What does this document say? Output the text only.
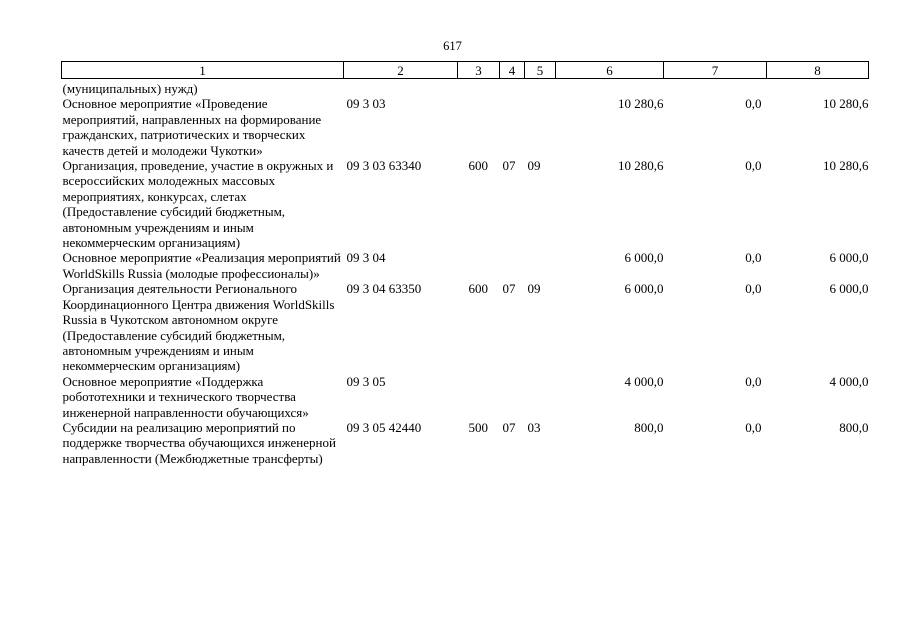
617
1	2	3	4	5	6	7	8
(муниципальных) нужд)							
Основное мероприятие «Проведение мероприятий, направленных на формирование гражданских, патриотических и творческих качеств детей и молодежи Чукотки»	09 3 03				10 280,6	0,0	10 280,6
Организация, проведение, участие в окружных и всероссийских молодежных массовых мероприятиях, конкурсах, слетах (Предоставление субсидий бюджетным, автономным учреждениям и иным некоммерческим организациям)	09 3 03 63340	600	07	09	10 280,6	0,0	10 280,6
Основное мероприятие «Реализация мероприятий WorldSkills Russia (молодые профессионалы)»	09 3 04				6 000,0	0,0	6 000,0
Организация деятельности Регионального Координационного Центра движения WorldSkills Russia в Чукотском автономном округе (Предоставление субсидий бюджетным, автономным учреждениям и иным некоммерческим организациям)	09 3 04 63350	600	07	09	6 000,0	0,0	6 000,0
Основное мероприятие «Поддержка робототехники и технического творчества инженерной направленности обучающихся»	09 3 05				4 000,0	0,0	4 000,0
Субсидии на реализацию мероприятий по поддержке творчества обучающихся инженерной направленности (Межбюджетные трансферты)	09 3 05 42440	500	07	03	800,0	0,0	800,0
